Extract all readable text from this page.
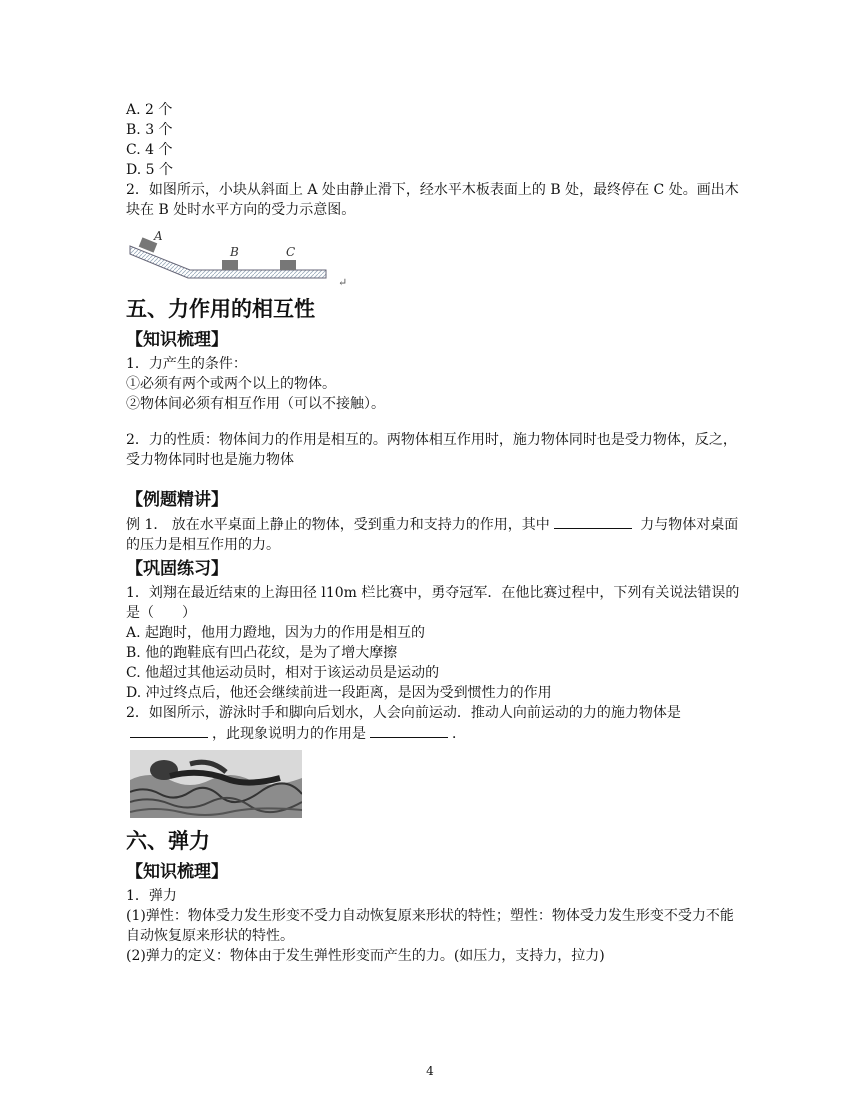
A. 2 个
B. 3 个
C. 4 个
D. 5 个
2．如图所示，小块从斜面上 A 处由静止滑下，经水平木板表面上的 B 处，最终停在 C 处。画出木块在 B 处时水平方向的受力示意图。
A
B	C
↵
五、力作用的相互性
【知识梳理】
1．力产生的条件：
①必须有两个或两个以上的物体。
②物体间必须有相互作用（可以不接触）。
2．力的性质：物体间力的作用是相互的。两物体相互作用时，施力物体同时也是受力物体，反之，受力物体同时也是施力物体
【例题精讲】
例 1． 放在水平桌面上静止的物体，受到重力和支持力的作用，其中	力与物体对桌面的压力是相互作用的力。
【巩固练习】
1．刘翔在最近结束的上海田径 l10m 栏比赛中，勇夺冠军．在他比赛过程中，下列有关说法错误的是（　　）
A. 起跑时，他用力蹬地，因为力的作用是相互的
B. 他的跑鞋底有凹凸花纹，是为了增大摩擦
C. 他超过其他运动员时，相对于该运动员是运动的
D. 冲过终点后，他还会继续前进一段距离，是因为受到惯性力的作用
2．如图所示，游泳时手和脚向后划水，人会向前运动．推动人向前运动的力的施力物体是，此现象说明力的作用是	．
六、弹力
【知识梳理】
1．弹力
(1)弹性：物体受力发生形变不受力自动恢复原来形状的特性；塑性：物体受力发生形变不受力不能自动恢复原来形状的特性。
(2)弹力的定义：物体由于发生弹性形变而产生的力。(如压力，支持力，拉力)
4
